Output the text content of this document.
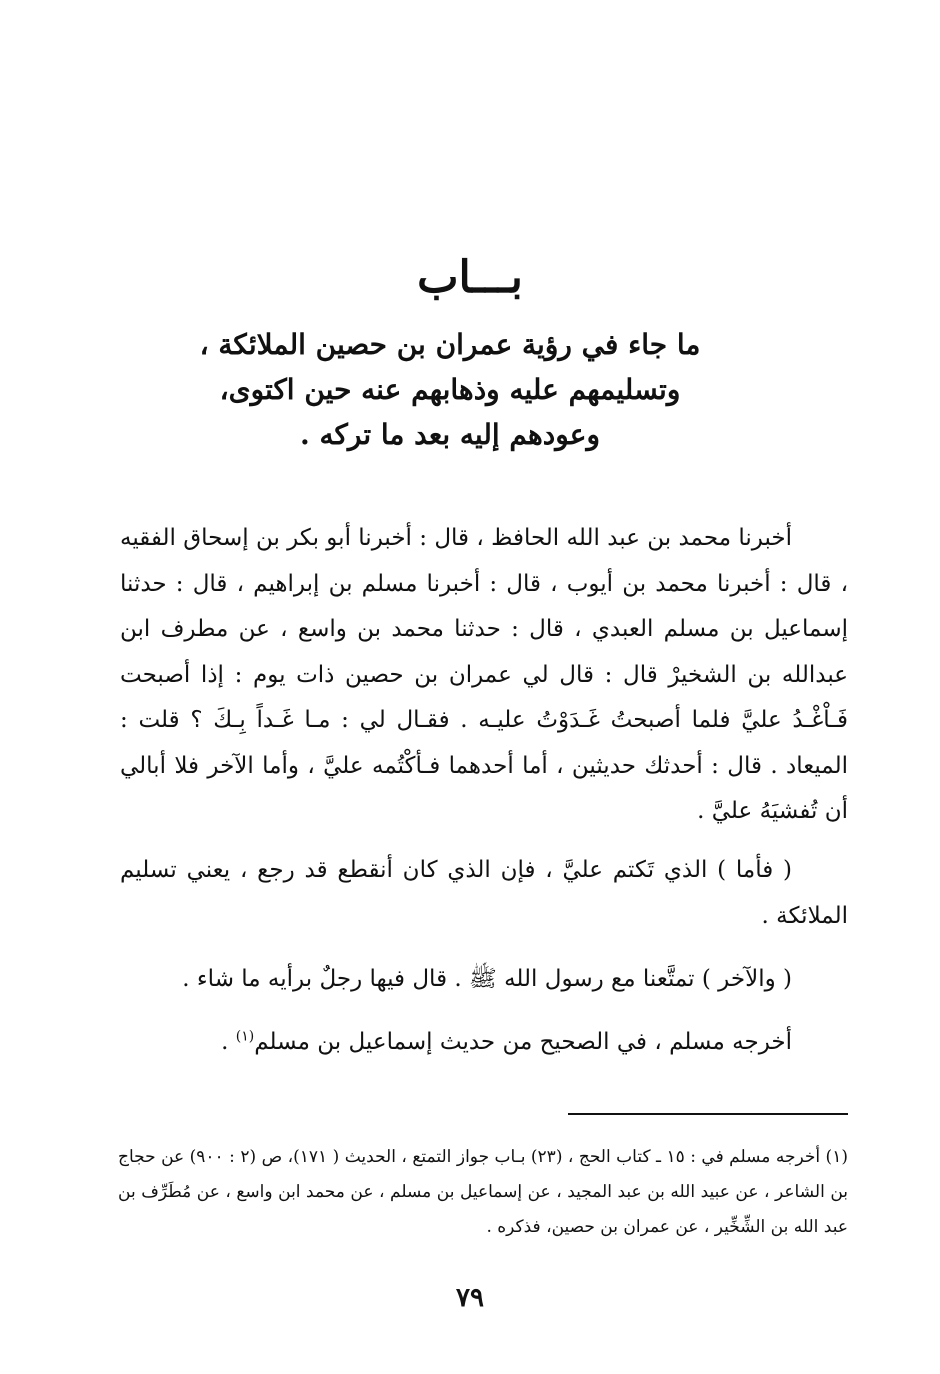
بـــاب
ما جاء في رؤية عمران بن حصين الملائكة ،
وتسليمهم عليه وذهابهم عنه حين اكتوى،
وعودهم إليه بعد ما تركه .

أخبرنا محمد بن عبد الله الحافظ ، قال : أخبرنا أبو بكر بن إسحاق الفقيه ، قال : أخبرنا محمد بن أيوب ، قال : أخبرنا مسلم بن إبراهيم ، قال : حدثنا إسماعيل بن مسلم العبدي ، قال : حدثنا محمد بن واسع ، عن مطرف ابن عبدالله بن الشخيرْ قال : قال لي عمران بن حصين ذات يوم : إذا أصبحت فَـاْغْـدُ عليَّ فلما أصبحتُ غَـدَوْتُ عليـه . فقـال لي : مـا غَـداً بِـكَ ؟ قلت : الميعاد . قال : أحدثك حديثين ، أما أحدهما فـأكْتُمه عليَّ ، وأما الآخر فلا أبالي أن تُفشيَهُ عليَّ .

( فأما ) الذي تَكتم عليَّ ، فإن الذي كان أنقطع قد رجع ، يعني تسليم الملائكة .

( والآخر ) تمتَّعنا مع رسول الله ﷺ . قال فيها رجلٌ برأيه ما شاء .

أخرجه مسلم ، في الصحيح من حديث إسماعيل بن مسلم$^{(١)}$ .

(١) أخرجه مسلم في : ١٥ ـ كتاب الحج ، (٢٣) بـاب جواز التمتع ، الحديث ( ١٧١)، ص (٢ : ٩٠٠) عن حجاج بن الشاعر ، عن عبيد الله بن عبد المجيد ، عن إسماعيل بن مسلم ، عن محمد ابن واسع ، عن مُطَرِّف بن عبد الله بن الشِّخِّير ، عن عمران بن حصين، فذكره .

٧٩
